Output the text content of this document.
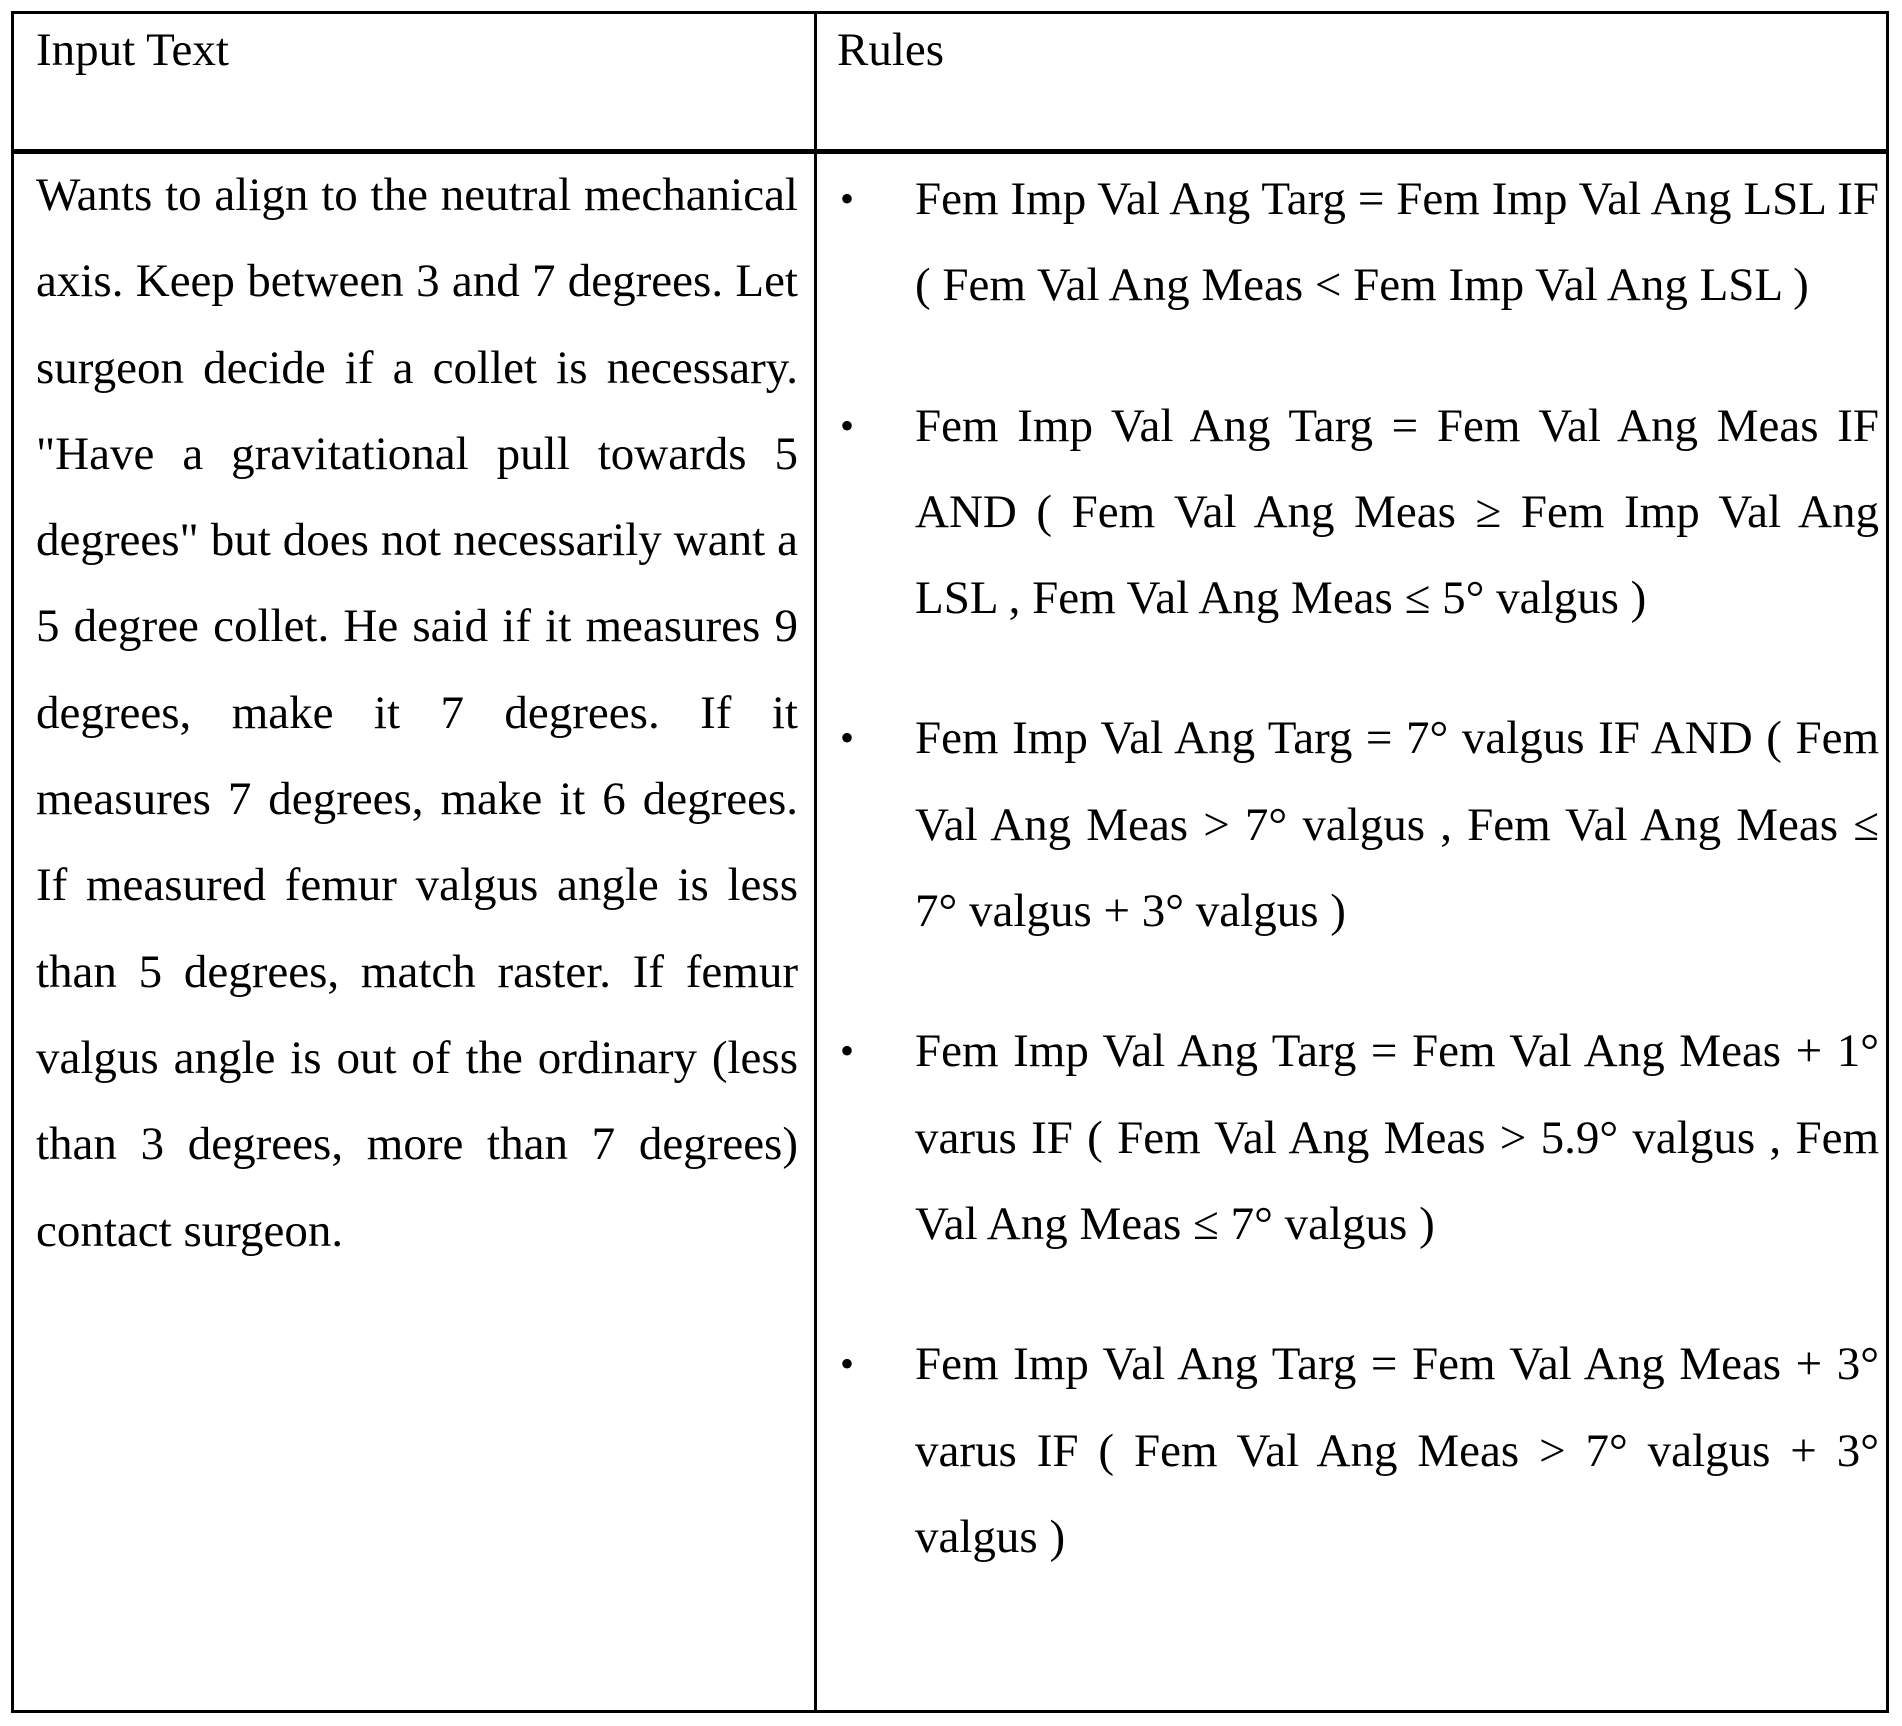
Input Text	Rules
Wants to align to the neutral mechanical axis. Keep between 3 and 7 degrees. Let surgeon decide if a collet is necessary. "Have a gravitational pull towards 5 degrees" but does not necessarily want a 5 degree collet. He said if it measures 9 degrees, make it 7 degrees. If it measures 7 degrees, make it 6 degrees. If measured femur valgus angle is less than 5 degrees, match raster. If femur valgus angle is out of the ordinary (less than 3 degrees, more than 7 degrees) contact surgeon.
• Fem Imp Val Ang Targ = Fem Imp Val Ang LSL IF ( Fem Val Ang Meas < Fem Imp Val Ang LSL )
• Fem Imp Val Ang Targ = Fem Val Ang Meas IF AND ( Fem Val Ang Meas ≥ Fem Imp Val Ang LSL , Fem Val Ang Meas ≤ 5° valgus )
• Fem Imp Val Ang Targ = 7° valgus IF AND ( Fem Val Ang Meas > 7° valgus , Fem Val Ang Meas ≤ 7° valgus + 3° valgus )
• Fem Imp Val Ang Targ = Fem Val Ang Meas + 1° varus IF ( Fem Val Ang Meas > 5.9° valgus , Fem Val Ang Meas ≤ 7° valgus )
• Fem Imp Val Ang Targ = Fem Val Ang Meas + 3° varus IF ( Fem Val Ang Meas > 7° valgus + 3° valgus )
